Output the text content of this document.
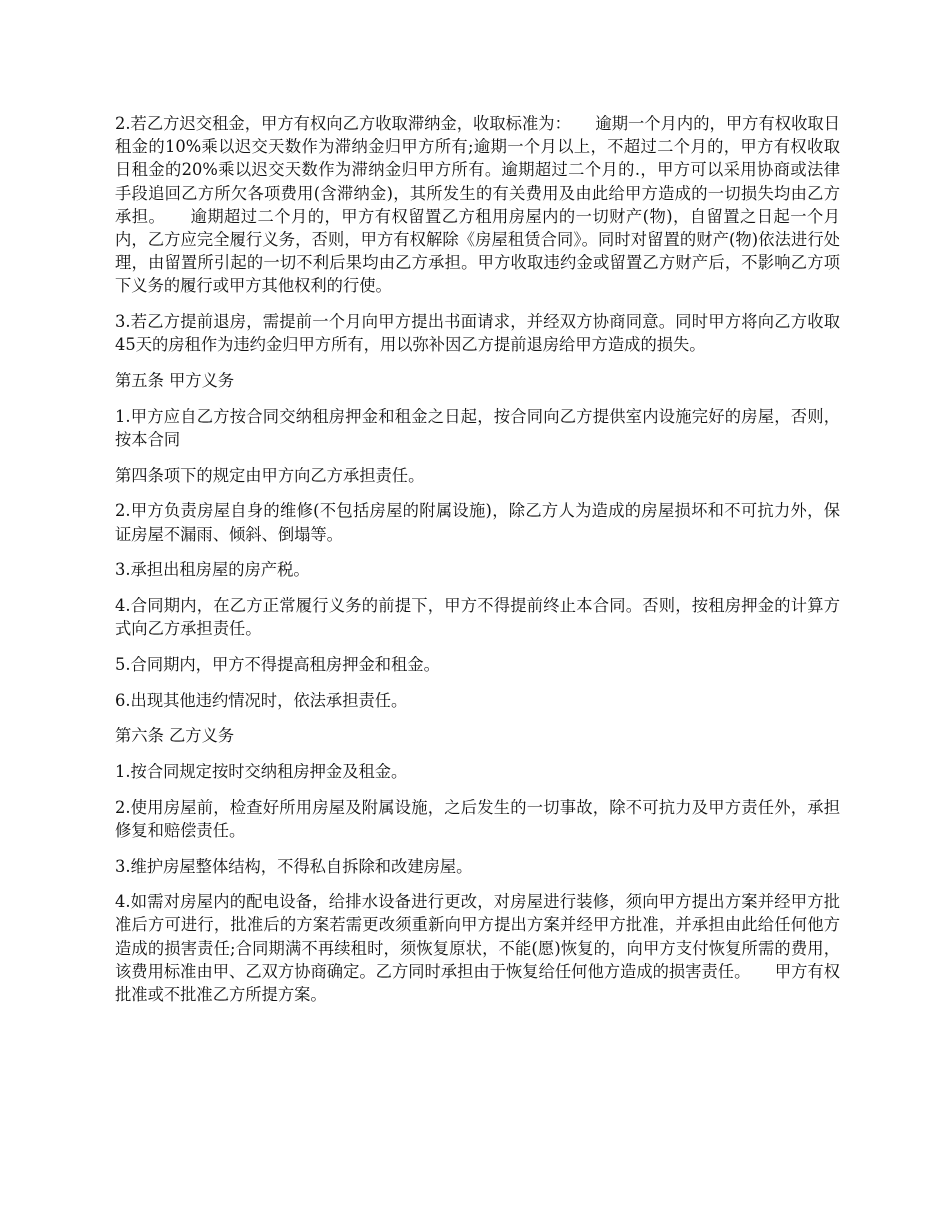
2.若乙方迟交租金，甲方有权向乙方收取滞纳金，收取标准为：　　逾期一个月内的，甲方有权收取日租金的10%乘以迟交天数作为滞纳金归甲方所有;逾期一个月以上，不超过二个月的，甲方有权收取日租金的20%乘以迟交天数作为滞纳金归甲方所有。逾期超过二个月的.，甲方可以采用协商或法律手段追回乙方所欠各项费用(含滞纳金)，其所发生的有关费用及由此给甲方造成的一切损失均由乙方承担。　　逾期超过二个月的，甲方有权留置乙方租用房屋内的一切财产(物)，自留置之日起一个月内，乙方应完全履行义务，否则，甲方有权解除《房屋租赁合同》。同时对留置的财产(物)依法进行处理，由留置所引起的一切不利后果均由乙方承担。甲方收取违约金或留置乙方财产后，不影响乙方项下义务的履行或甲方其他权利的行使。

3.若乙方提前退房，需提前一个月向甲方提出书面请求，并经双方协商同意。同时甲方将向乙方收取45天的房租作为违约金归甲方所有，用以弥补因乙方提前退房给甲方造成的损失。

第五条 甲方义务

1.甲方应自乙方按合同交纳租房押金和租金之日起，按合同向乙方提供室内设施完好的房屋，否则，按本合同

第四条项下的规定由甲方向乙方承担责任。

2.甲方负责房屋自身的维修(不包括房屋的附属设施)，除乙方人为造成的房屋损坏和不可抗力外，保证房屋不漏雨、倾斜、倒塌等。

3.承担出租房屋的房产税。

4.合同期内，在乙方正常履行义务的前提下，甲方不得提前终止本合同。否则，按租房押金的计算方式向乙方承担责任。

5.合同期内，甲方不得提高租房押金和租金。

6.出现其他违约情况时，依法承担责任。

第六条 乙方义务

1.按合同规定按时交纳租房押金及租金。

2.使用房屋前，检查好所用房屋及附属设施，之后发生的一切事故，除不可抗力及甲方责任外，承担修复和赔偿责任。

3.维护房屋整体结构，不得私自拆除和改建房屋。

4.如需对房屋内的配电设备，给排水设备进行更改，对房屋进行装修，须向甲方提出方案并经甲方批准后方可进行，批准后的方案若需更改须重新向甲方提出方案并经甲方批准，并承担由此给任何他方造成的损害责任;合同期满不再续租时，须恢复原状，不能(愿)恢复的，向甲方支付恢复所需的费用，该费用标准由甲、乙双方协商确定。乙方同时承担由于恢复给任何他方造成的损害责任。　　甲方有权批准或不批准乙方所提方案。
